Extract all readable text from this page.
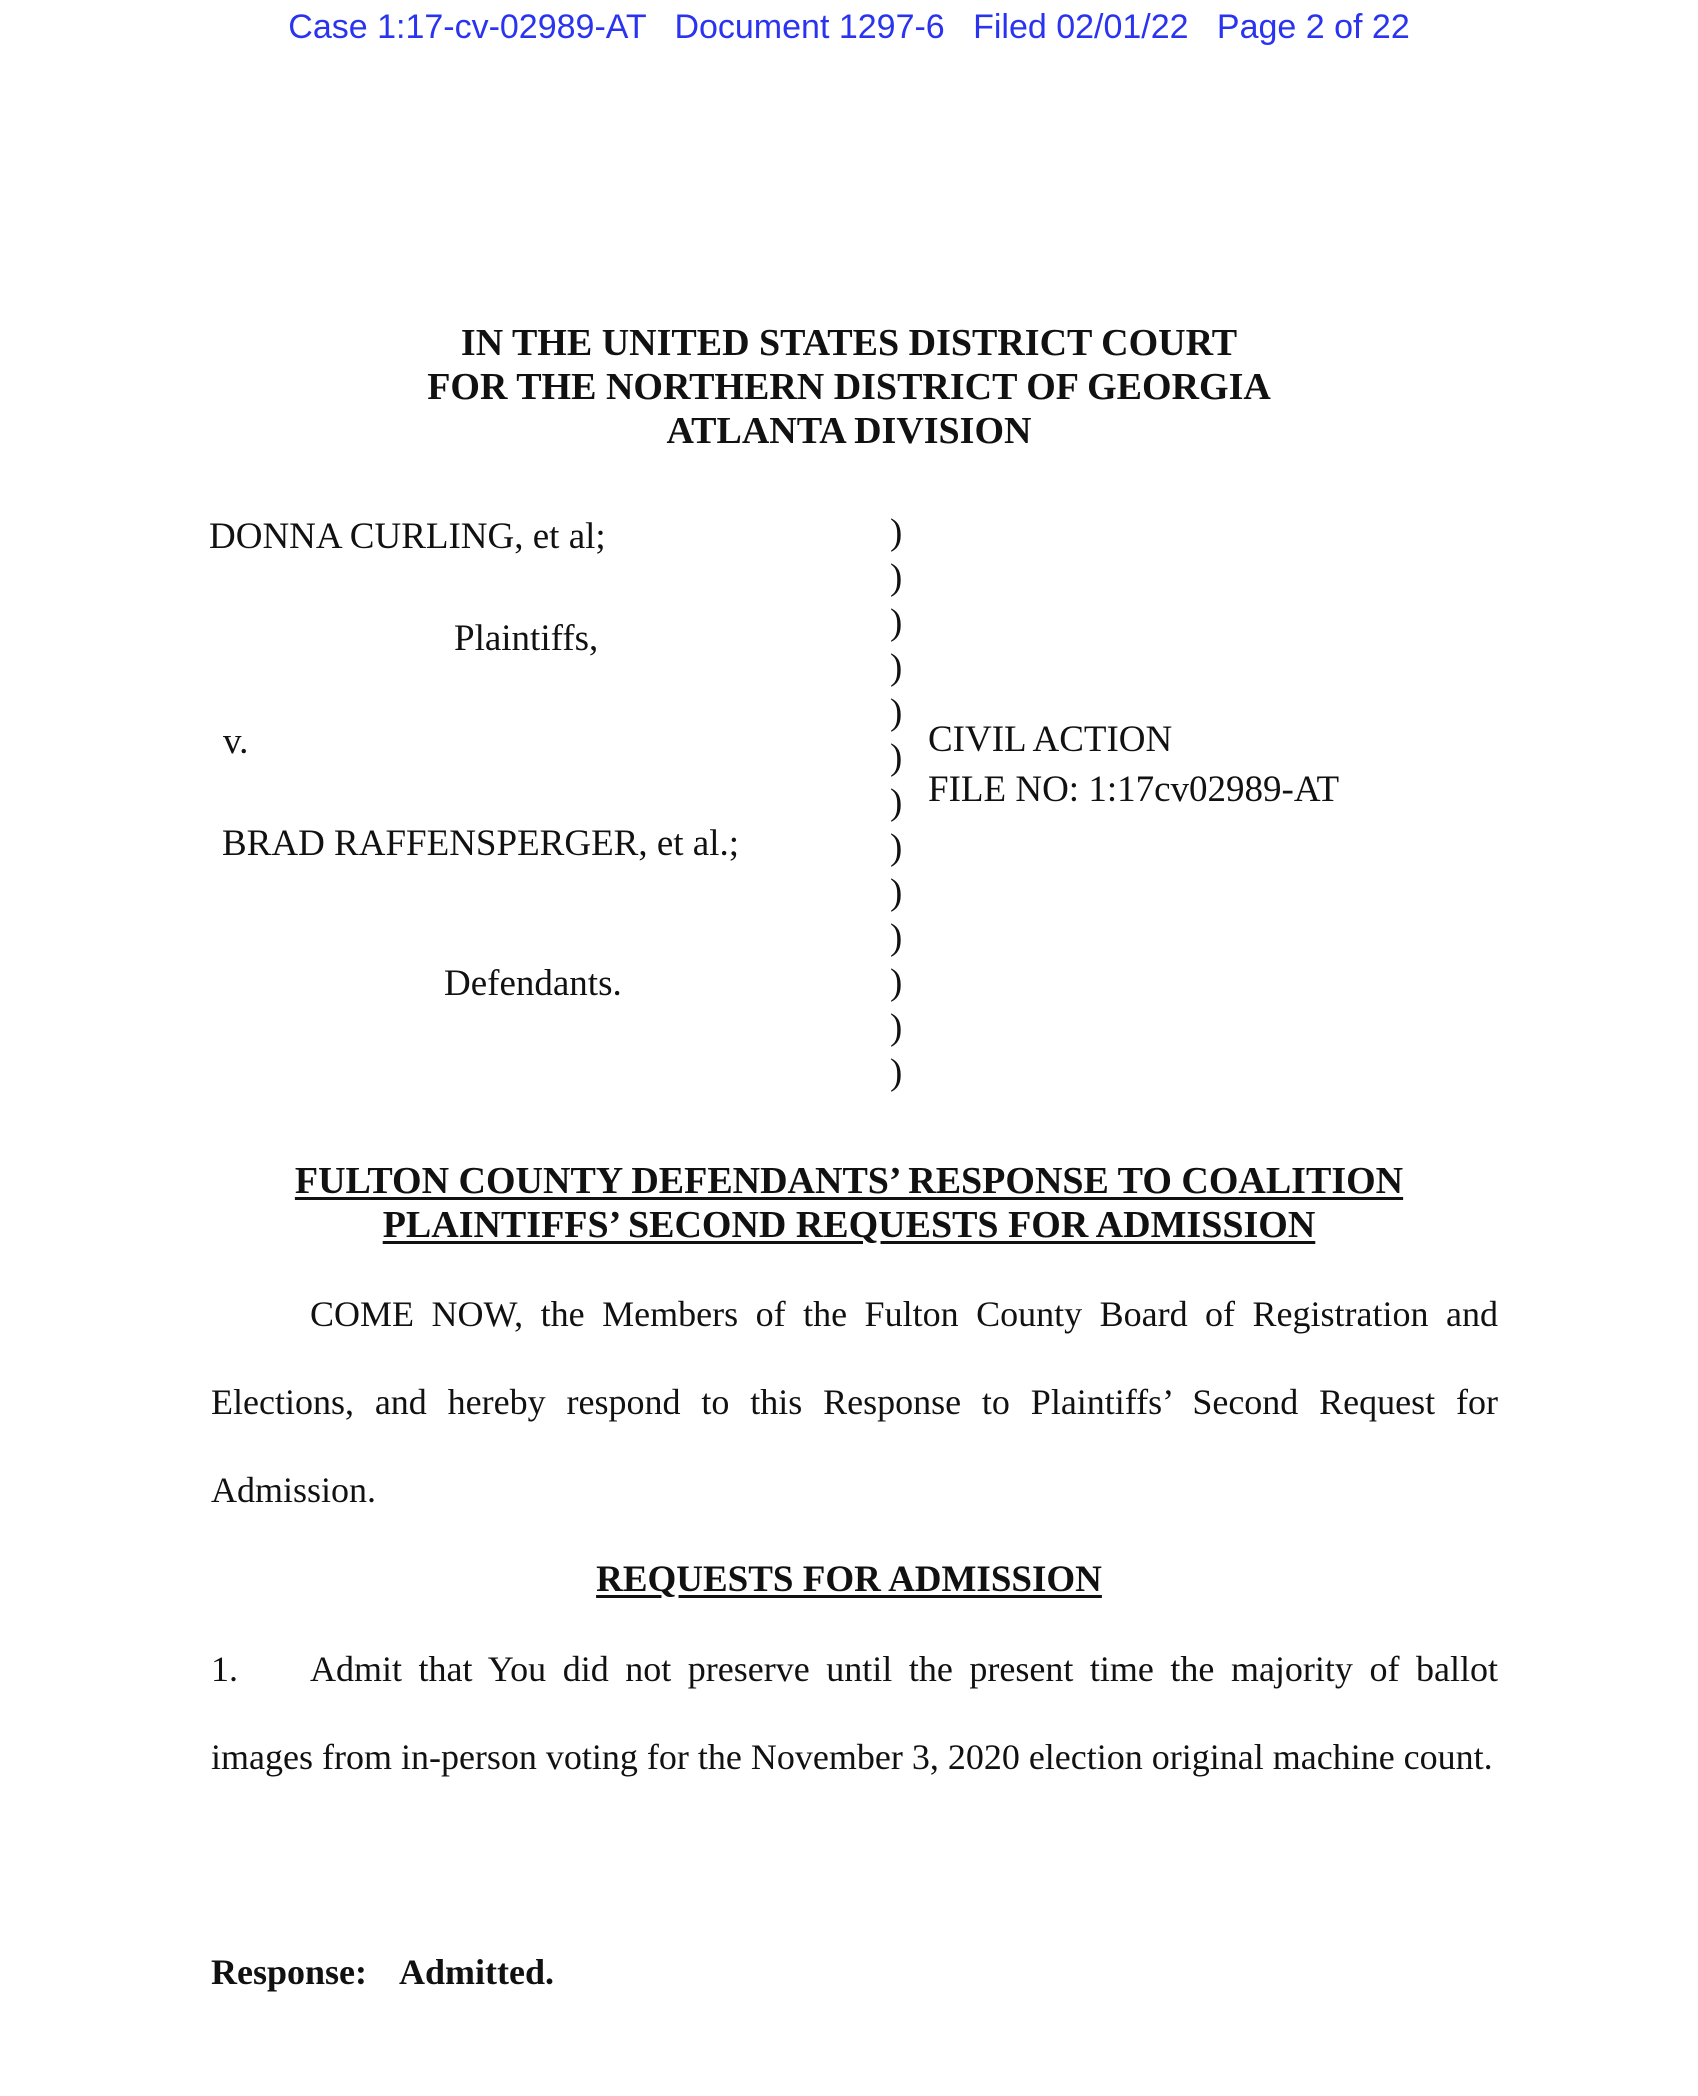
Case 1:17-cv-02989-AT Document 1297-6 Filed 02/01/22 Page 2 of 22
IN THE UNITED STATES DISTRICT COURT
FOR THE NORTHERN DISTRICT OF GEORGIA
ATLANTA DIVISION
DONNA CURLING, et al;
Plaintiffs,
v.
BRAD RAFFENSPERGER, et al.;
Defendants.
)
)
)
)
)
)
)
)
)
)
)
)
)
CIVIL ACTION
FILE NO: 1:17cv02989-AT
FULTON COUNTY DEFENDANTS’ RESPONSE TO COALITION
PLAINTIFFS’ SECOND REQUESTS FOR ADMISSION
COME NOW, the Members of the Fulton County Board of Registration and Elections, and hereby respond to this Response to Plaintiffs’ Second Request for Admission.
REQUESTS FOR ADMISSION
1. Admit that You did not preserve until the present time the majority of ballot images from in-person voting for the November 3, 2020 election original machine count.
Response: Admitted.
